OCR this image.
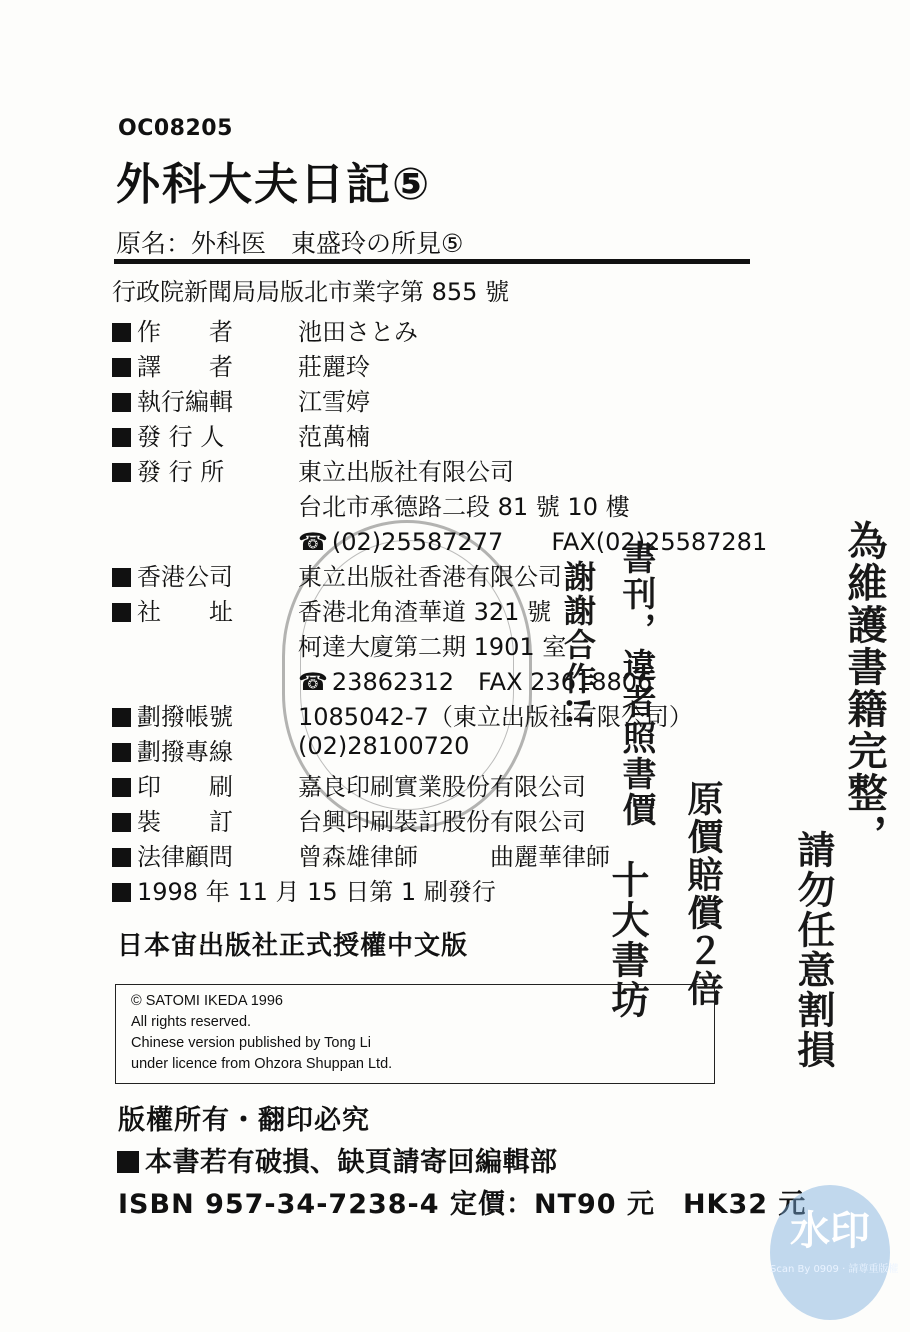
OC08205
外科大夫日記⑤
原名：外科医　東盛玲の所見⑤
行政院新聞局局版北市業字第 855 號
作　　者	池田さとみ
譯　　者	莊麗玲
執行編輯	江雪婷
發 行 人	范萬楠
發 行 所	東立出版社有限公司
台北市承德路二段 81 號 10 樓
☎ (02)25587277　　FAX(02)25587281
香港公司	東立出版社香港有限公司
社　　址	香港北角渣華道 321 號
柯達大廈第二期 1901 室
☎ 23862312　FAX 23618806
劃撥帳號	1085042-7（東立出版社有限公司）
劃撥專線	(02)28100720
印　　刷	嘉良印刷實業股份有限公司
裝　　訂	台興印刷裝訂股份有限公司
法律顧問	曾森雄律師　　　曲麗華律師
1998 年 11 月 15 日第 1 刷發行
為維護書籍完整，
請勿任意割損
書刊，違者照書價
原價賠償２倍
謝謝合作!!
十大書坊
日本宙出版社正式授權中文版
© SATOMI IKEDA 1996
All rights reserved.
Chinese version published by Tong Li
under licence from Ohzora Shuppan Ltd.
版權所有・翻印必究
本書若有破損、缺頁請寄回編輯部
ISBN 957-34-7238-4 定價：NT90 元　HK32 元
水印
Scan By 0909 · 請尊重版權
